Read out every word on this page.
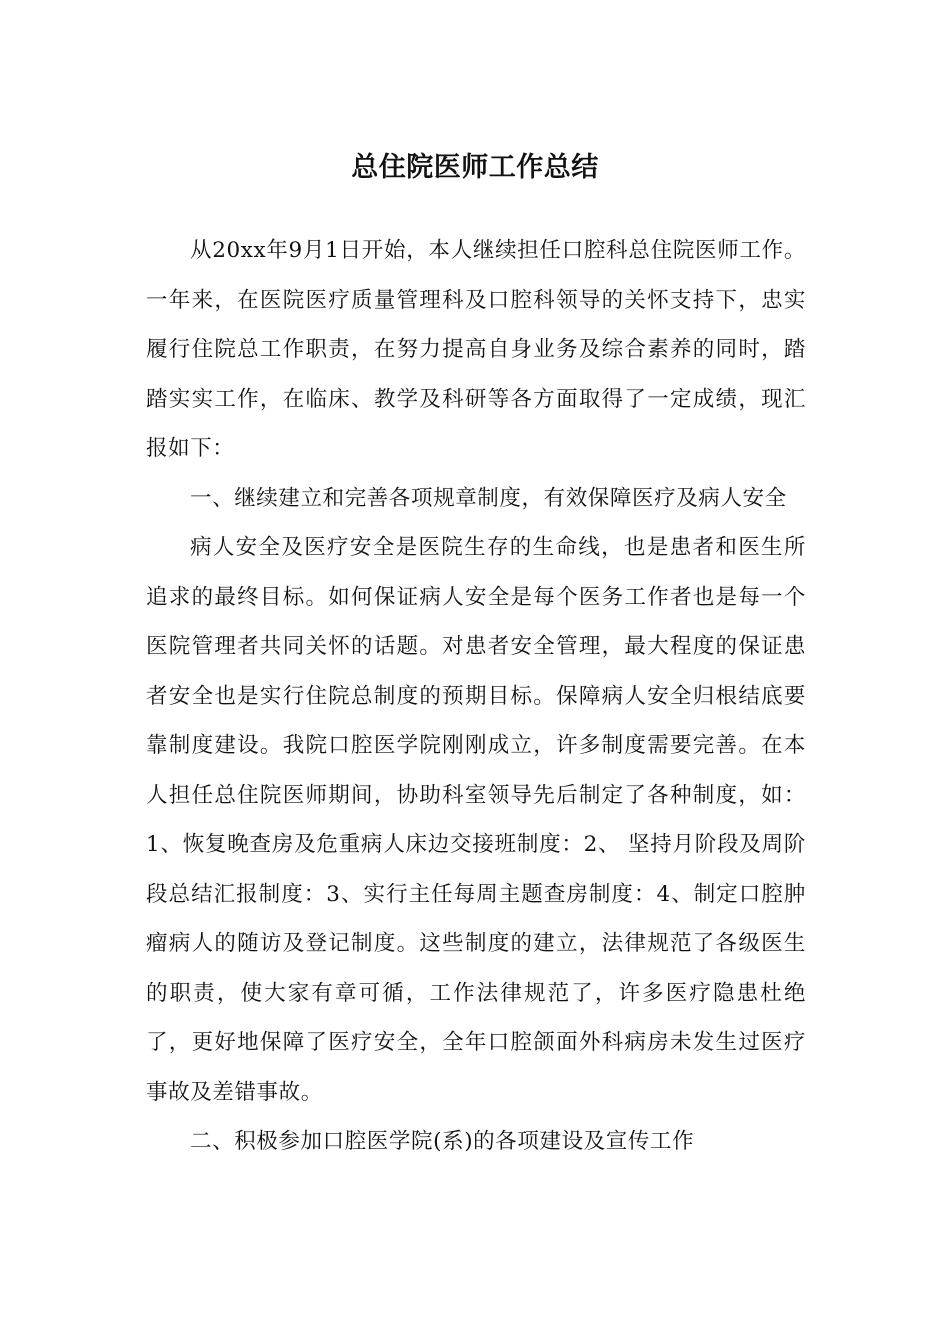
总住院医师工作总结

从20xx年9月1日开始，本人继续担任口腔科总住院医师工作。一年来，在医院医疗质量管理科及口腔科领导的关怀支持下，忠实履行住院总工作职责，在努力提高自身业务及综合素养的同时，踏踏实实工作，在临床、教学及科研等各方面取得了一定成绩，现汇报如下：

一、继续建立和完善各项规章制度，有效保障医疗及病人安全

病人安全及医疗安全是医院生存的生命线，也是患者和医生所追求的最终目标。如何保证病人安全是每个医务工作者也是每一个医院管理者共同关怀的话题。对患者安全管理，最大程度的保证患者安全也是实行住院总制度的预期目标。保障病人安全归根结底要靠制度建设。我院口腔医学院刚刚成立，许多制度需要完善。在本人担任总住院医师期间，协助科室领导先后制定了各种制度，如：1、恢复晚查房及危重病人床边交接班制度：2、 坚持月阶段及周阶段总结汇报制度：3、实行主任每周主题查房制度：4、制定口腔肿瘤病人的随访及登记制度。这些制度的建立，法律规范了各级医生的职责，使大家有章可循，工作法律规范了，许多医疗隐患杜绝了，更好地保障了医疗安全，全年口腔颌面外科病房未发生过医疗事故及差错事故。

二、积极参加口腔医学院(系)的各项建设及宣传工作
